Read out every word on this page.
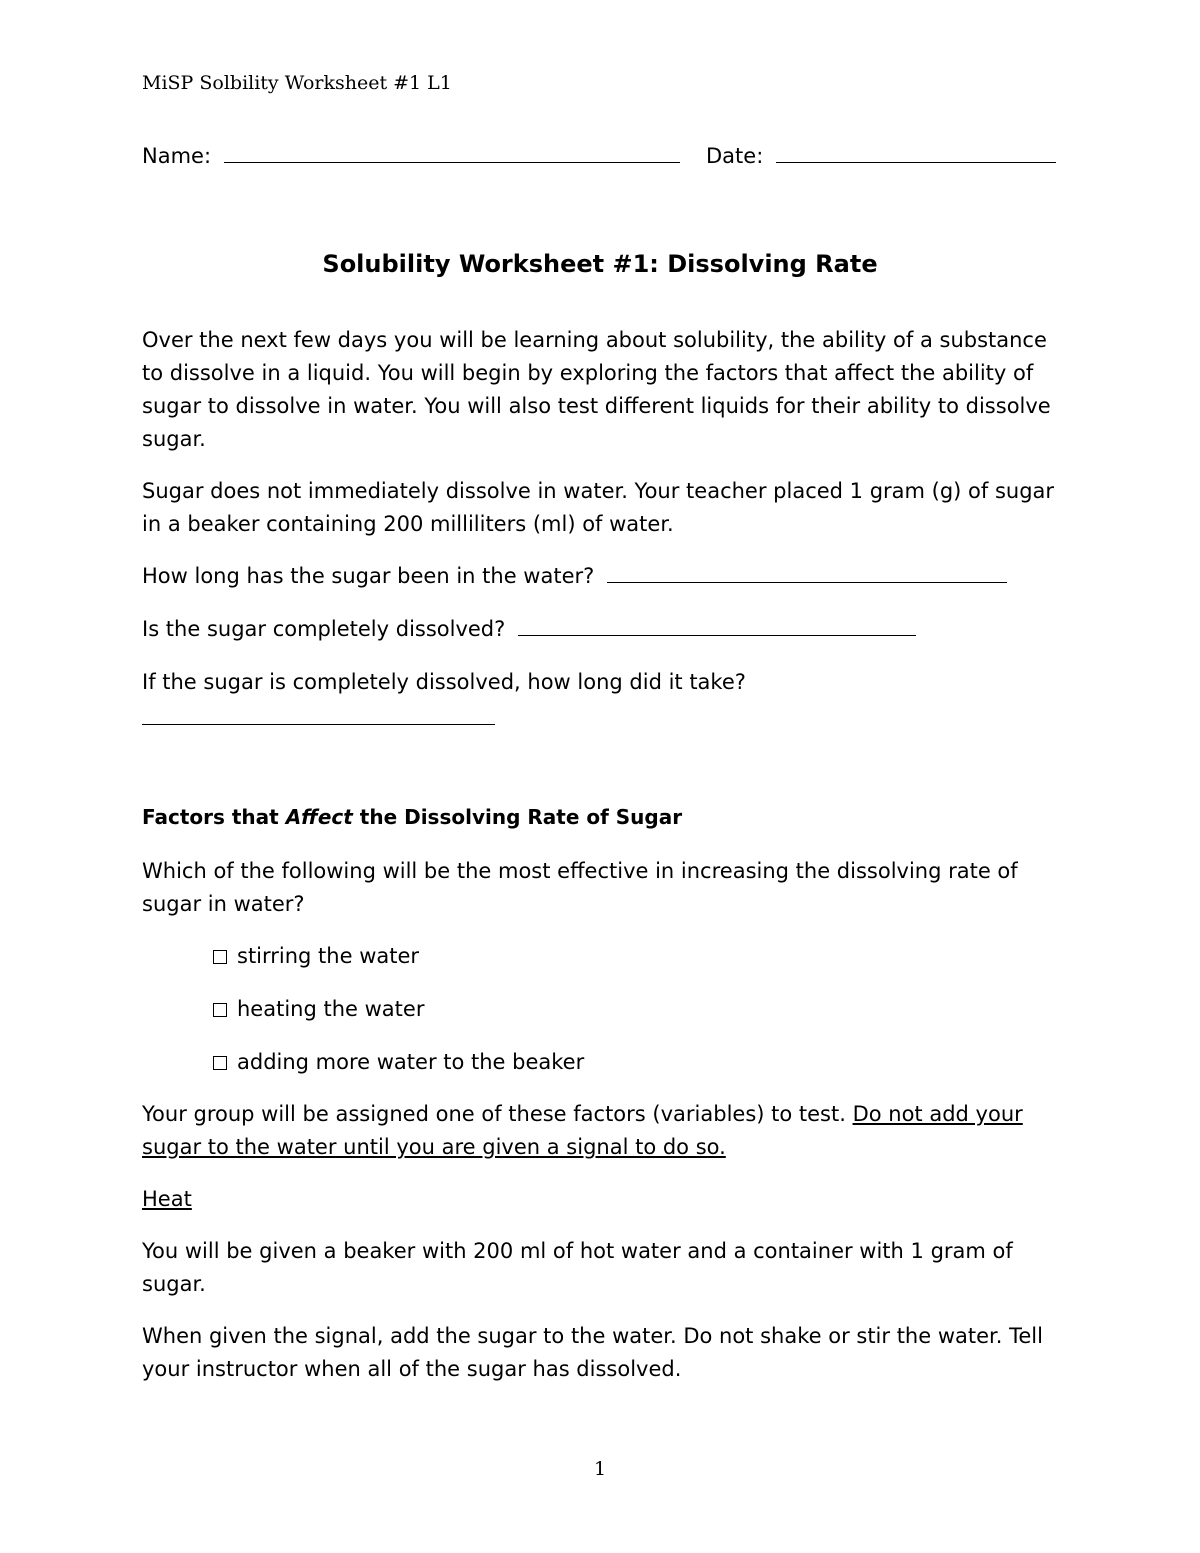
MiSP Solbility Worksheet #1 L1
Name:	Date:
Solubility Worksheet #1: Dissolving Rate
Over the next few days you will be learning about solubility, the ability of a substance to dissolve in a liquid. You will begin by exploring the factors that affect the ability of sugar to dissolve in water. You will also test different liquids for their ability to dissolve sugar.
Sugar does not immediately dissolve in water. Your teacher placed 1 gram (g) of sugar in a beaker containing 200 milliliters (ml) of water.
How long has the sugar been in the water?
Is the sugar completely dissolved?
If the sugar is completely dissolved, how long did it take?
Factors that Affect the Dissolving Rate of Sugar
Which of the following will be the most effective in increasing the dissolving rate of sugar in water?
stirring the water
heating the water
adding more water to the beaker
Your group will be assigned one of these factors (variables) to test. Do not add your sugar to the water until you are given a signal to do so.
Heat
You will be given a beaker with 200 ml of hot water and a container with 1 gram of sugar.
When given the signal, add the sugar to the water. Do not shake or stir the water. Tell your instructor when all of the sugar has dissolved.
1
